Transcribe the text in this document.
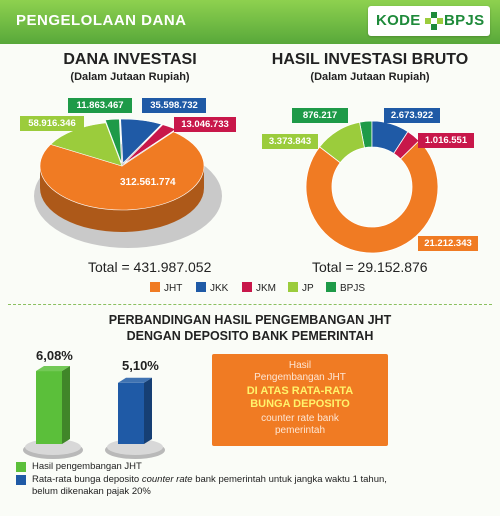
PENGELOLAAN DANA	KODE BPJS
DANA INVESTASI
(Dalam Jutaan Rupiah)
11.863.467	35.598.732
13.046.733
58.916.346
312.561.774
Total = 431.987.052
HASIL INVESTASI BRUTO
(Dalam Jutaan Rupiah)
876.217	2.673.922
1.016.551
3.373.843
21.212.343
Total = 29.152.876
JHT	JKK	JKM	JP	BPJS
PERBANDINGAN HASIL PENGEMBANGAN JHT
DENGAN DEPOSITO BANK PEMERINTAH
6,08%
5,10%	Hasil
Pengembangan JHT
DI ATAS RATA-RATA
BUNGA DEPOSITO
counter rate bank
pemerintah
Hasil pengembangan JHT
Rata-rata bunga deposito counter rate bank pemerintah untuk jangka waktu 1 tahun,
belum dikenakan pajak 20%
